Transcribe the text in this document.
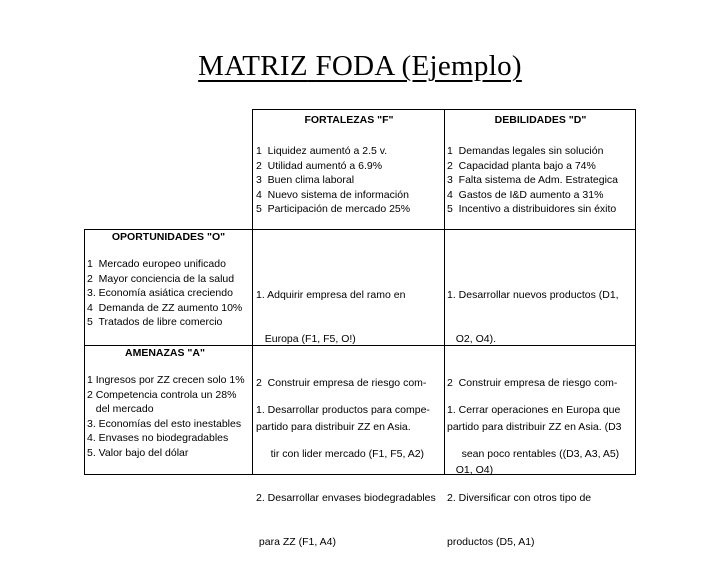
MATRIZ FODA (Ejemplo)
FORTALEZAS "F"
1  Liquidez aumentó a 2.5 v.
2  Utilidad aumentó a 6.9%
3  Buen clima laboral
4  Nuevo sistema de información
5  Participación de mercado 25%
DEBILIDADES "D"
1  Demandas legales sin solución
2  Capacidad planta bajo a 74%
3  Falta sistema de Adm. Estrategica
4  Gastos de I&D aumento a 31%
5  Incentivo a distribuidores sin éxito
OPORTUNIDADES "O"
1  Mercado europeo unificado
2  Mayor conciencia de la salud
3. Economía asiática creciendo
4  Demanda de ZZ aumento 10%
5  Tratados de libre comercio

1. Adquirir empresa del ramo en

Europa (F1, F5, O!)

2  Construir empresa de riesgo com-

partido para distribuir ZZ en Asia.

1. Desarrollar nuevos productos (D1,

O2, O4).

2  Construir empresa de riesgo com-

partido para distribuir ZZ en Asia. (D3

O1, O4)

AMENAZAS "A"
1 Ingresos por ZZ crecen solo 1%
2 Competencia controla un 28%
del mercado
3. Economías del esto inestables
4. Envases no biodegradables
5. Valor bajo del dólar

1. Desarrollar productos para compe-

tir con lider mercado (F1, F5, A2)

2. Desarrollar envases biodegradables

para ZZ (F1, A4)

1. Cerrar operaciones en Europa que

sean poco rentables ((D3, A3, A5)

2. Diversificar con otros tipo de

productos (D5, A1)
